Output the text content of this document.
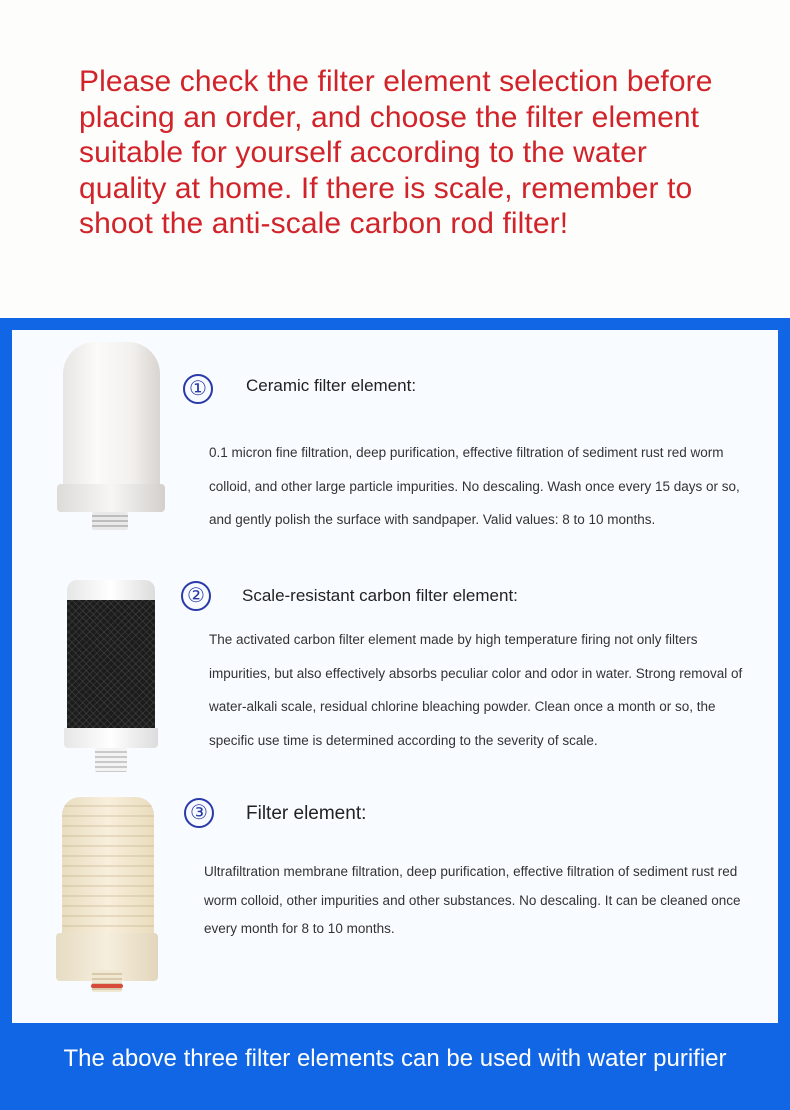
Please check the filter element selection before placing an order, and choose the filter element suitable for yourself according to the water quality at home. If there is scale, remember to shoot the anti-scale carbon rod filter!
①	Ceramic filter element:
0.1 micron fine filtration, deep purification, effective filtration of sediment rust red worm colloid, and other large particle impurities. No descaling. Wash once every 15 days or so, and gently polish the surface with sandpaper. Valid values: 8 to 10 months.
②	Scale-resistant carbon filter element:
The activated carbon filter element made by high temperature firing not only filters impurities, but also effectively absorbs peculiar color and odor in water. Strong removal of water-alkali scale, residual chlorine bleaching powder. Clean once a month or so, the specific use time is determined according to the severity of scale.
③	Filter element:
Ultrafiltration membrane filtration, deep purification, effective filtration of sediment rust red worm colloid, other impurities and other substances. No descaling. It can be cleaned once every month for 8 to 10 months.
The above three filter elements can be used with water purifier
